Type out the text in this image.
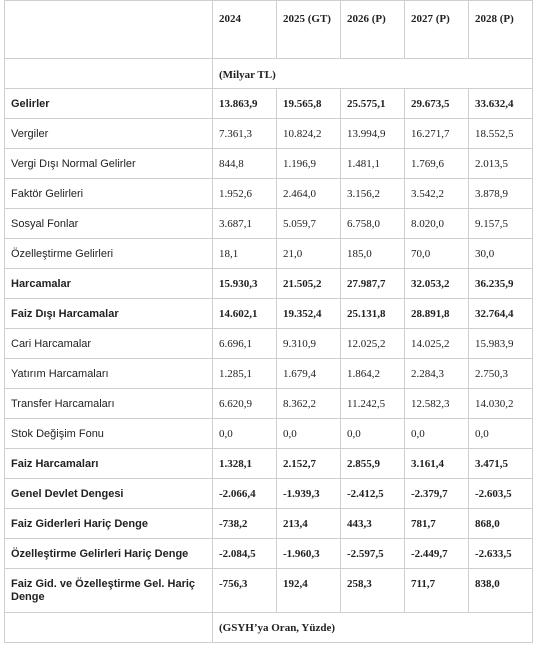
	2024	2025 (GT)	2026 (P)	2027 (P)	2028 (P)
	(Milyar TL)				
Gelirler	13.863,9	19.565,8	25.575,1	29.673,5	33.632,4
Vergiler	7.361,3	10.824,2	13.994,9	16.271,7	18.552,5
Vergi Dışı Normal Gelirler	844,8	1.196,9	1.481,1	1.769,6	2.013,5
Faktör Gelirleri	1.952,6	2.464,0	3.156,2	3.542,2	3.878,9
Sosyal Fonlar	3.687,1	5.059,7	6.758,0	8.020,0	9.157,5
Özelleştirme Gelirleri	18,1	21,0	185,0	70,0	30,0
Harcamalar	15.930,3	21.505,2	27.987,7	32.053,2	36.235,9
Faiz Dışı Harcamalar	14.602,1	19.352,4	25.131,8	28.891,8	32.764,4
Cari Harcamalar	6.696,1	9.310,9	12.025,2	14.025,2	15.983,9
Yatırım Harcamaları	1.285,1	1.679,4	1.864,2	2.284,3	2.750,3
Transfer Harcamaları	6.620,9	8.362,2	11.242,5	12.582,3	14.030,2
Stok Değişim Fonu	0,0	0,0	0,0	0,0	0,0
Faiz Harcamaları	1.328,1	2.152,7	2.855,9	3.161,4	3.471,5
Genel Devlet Dengesi	-2.066,4	-1.939,3	-2.412,5	-2.379,7	-2.603,5
Faiz Giderleri Hariç Denge	-738,2	213,4	443,3	781,7	868,0
Özelleştirme Gelirleri Hariç Denge	-2.084,5	-1.960,3	-2.597,5	-2.449,7	-2.633,5
Faiz Gid. ve Özelleştirme Gel. Hariç Denge	-756,3	192,4	258,3	711,7	838,0
	(GSYH’ya Oran, Yüzde)				
